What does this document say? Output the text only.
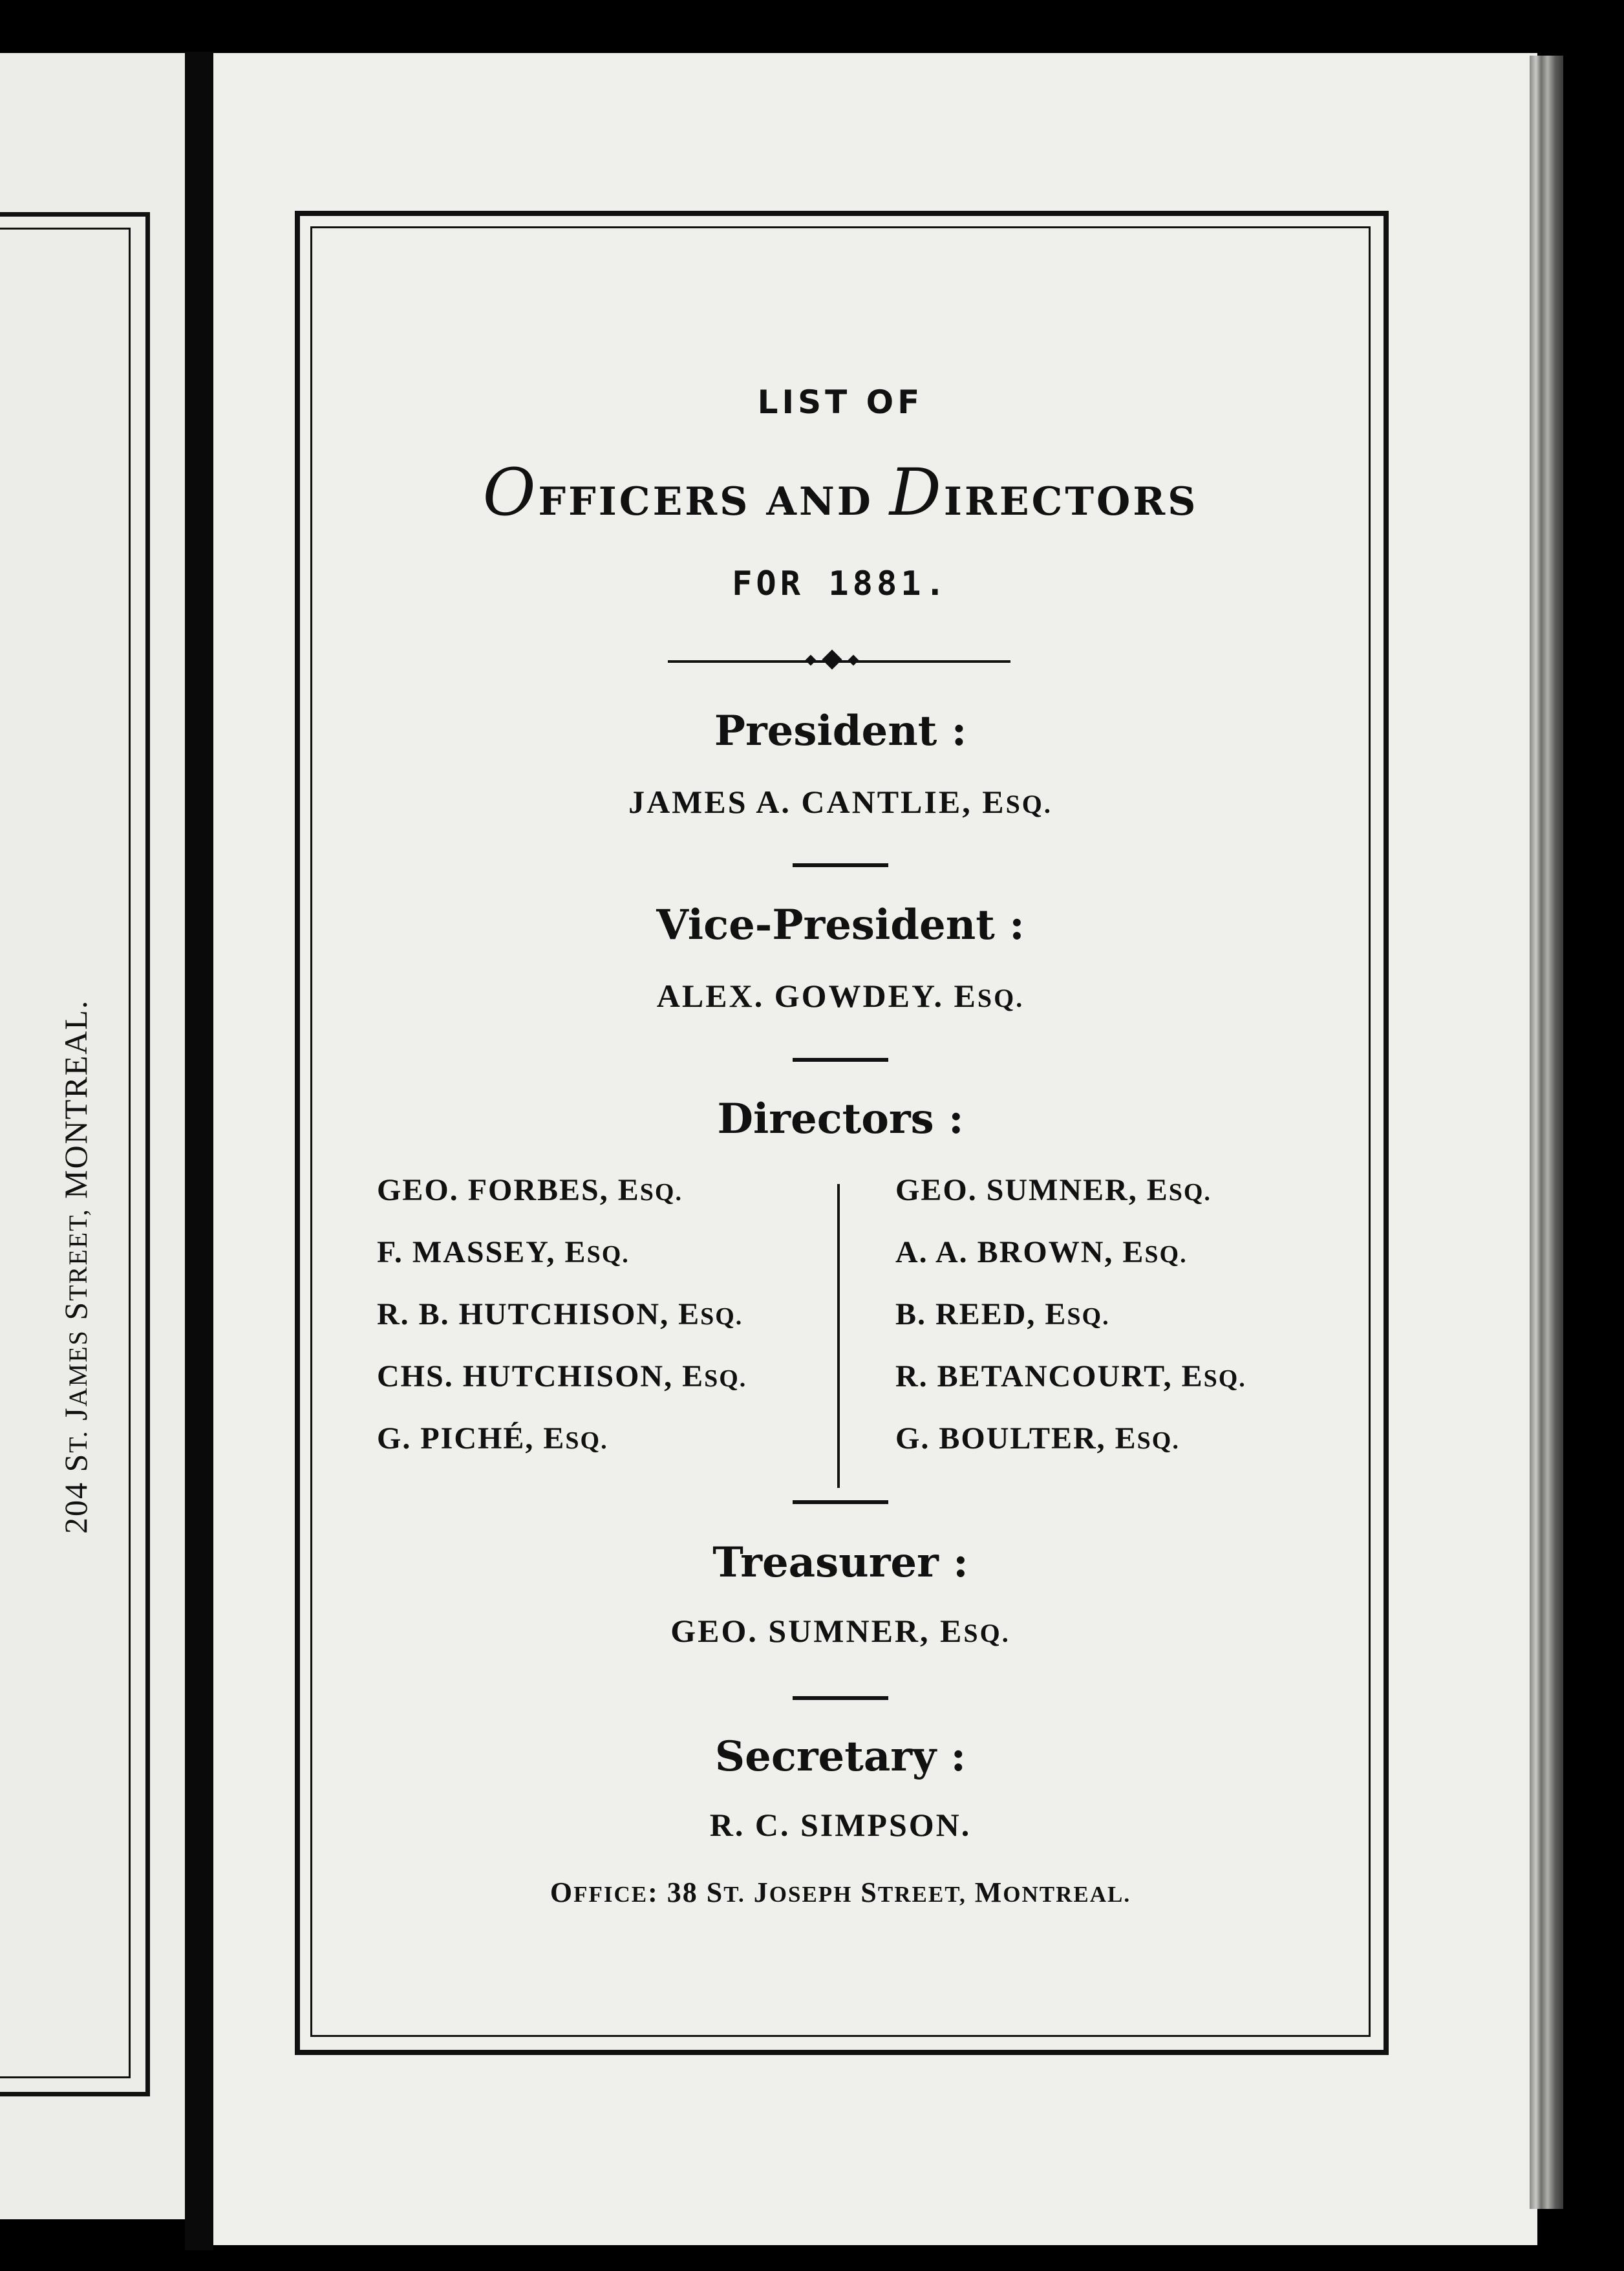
204 ST. JAMES STREET, MONTREAL.
LIST OF
OFFICERS AND DIRECTORS
FOR 1881.
President :
JAMES A. CANTLIE, ESQ.
Vice-President :
ALEX. GOWDEY. ESQ.
Directors :
GEO. FORBES, ESQ.
F. MASSEY, ESQ.
R. B. HUTCHISON, ESQ.
CHS. HUTCHISON, ESQ.
G. PICHÉ, ESQ.
GEO. SUMNER, ESQ.
A. A. BROWN, ESQ.
B. REED, ESQ.
R. BETANCOURT, ESQ.
G. BOULTER, ESQ.
Treasurer :
GEO. SUMNER, ESQ.
Secretary :
R. C. SIMPSON.
OFFICE: 38 ST. JOSEPH STREET, MONTREAL.
